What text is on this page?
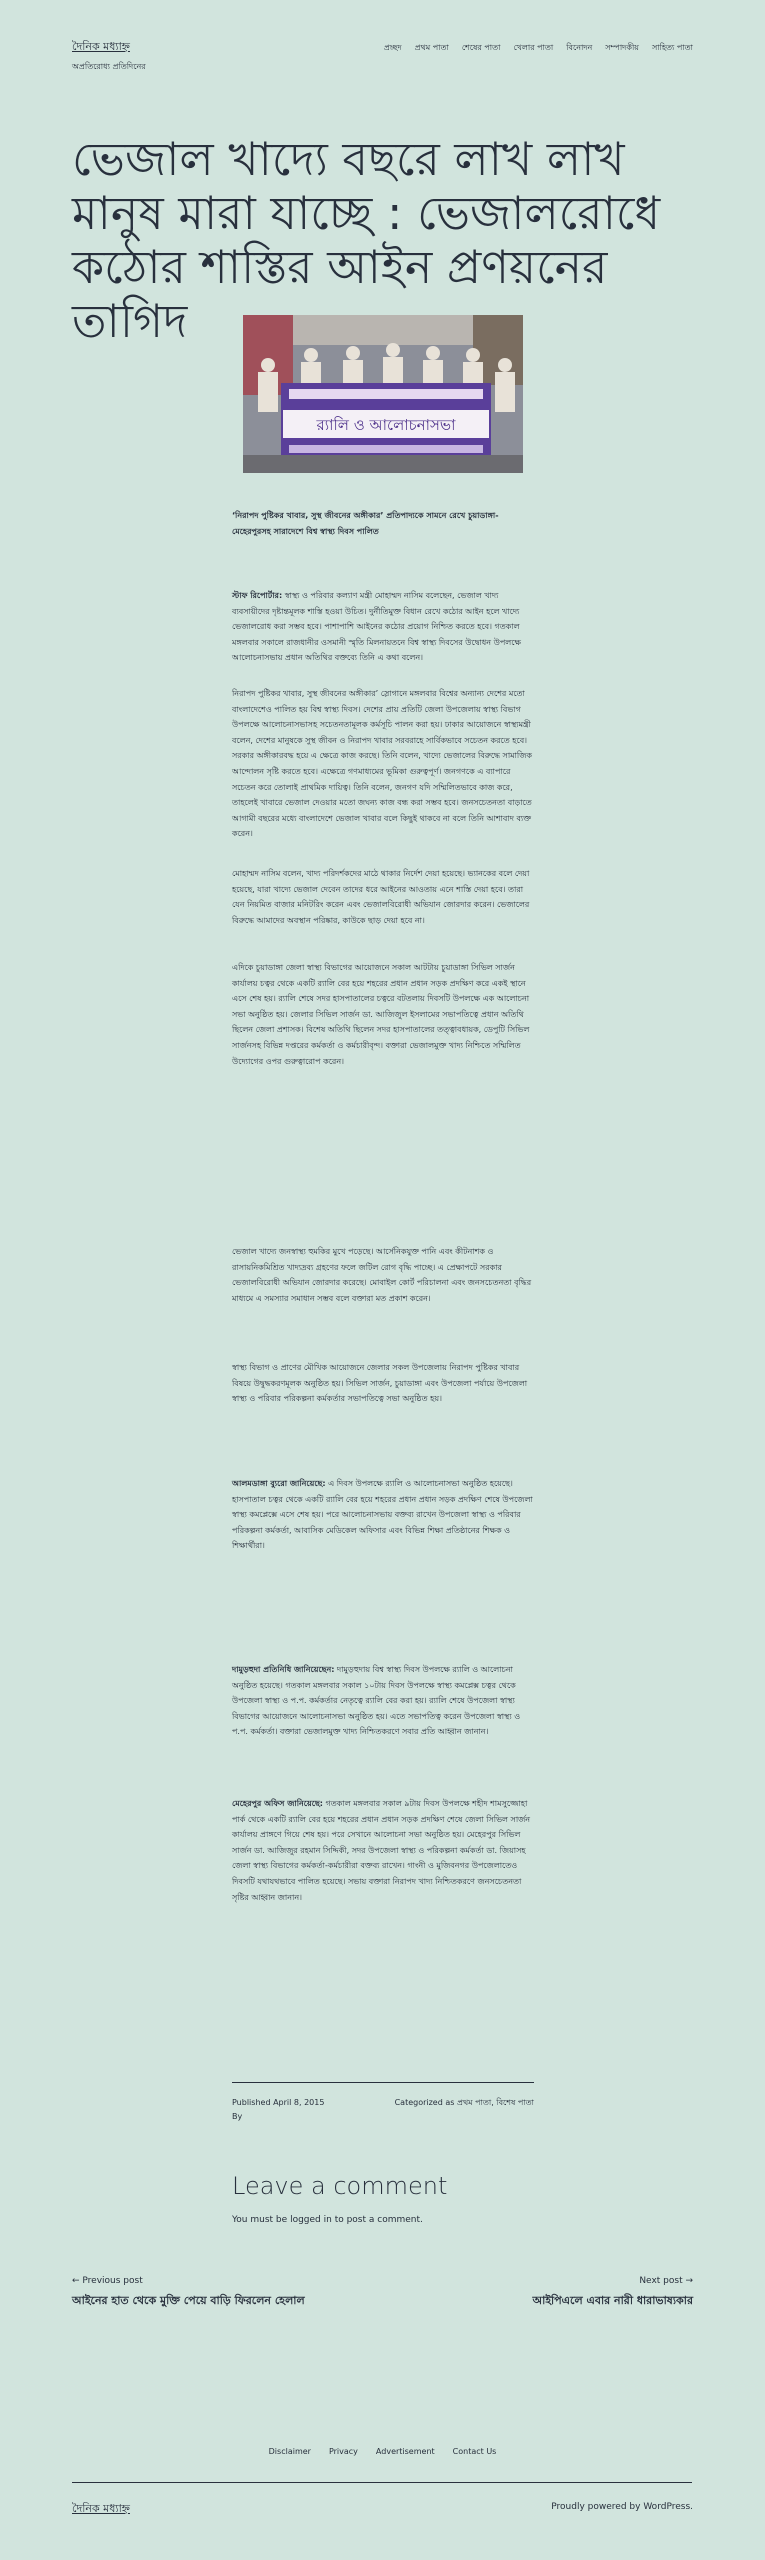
দৈনিক মধ্যাহ্ন
অপ্রতিরোধ্য প্রতিদিনের
প্রচ্ছদ প্রথম পাতা শেষের পাতা খেলার পাতা বিনোদন সম্পাদকীয় সাহিত্য পাতা
ভেজাল খাদ্যে বছরে লাখ লাখ মানুষ মারা যাচ্ছে : ভেজালরোধে কঠোর শাস্তির আইন প্রণয়নের তাগিদ
র‌্যালি ও আলোচনাসভা

‘নিরাপদ পুষ্টিকর খাবার, সুস্থ জীবনের অঙ্গীকার’ প্রতিপাদ্যকে সামনে রেখে চুয়াডাঙ্গা-মেহেরপুরসহ সারাদেশে বিশ্ব স্বাস্থ্য দিবস পালিত

স্টাফ রিপোর্টার: স্বাস্থ্য ও পরিবার কল্যাণ মন্ত্রী মোহাম্মদ নাসিম বলেছেন, ভেজাল খাদ্য ব্যবসায়ীদের দৃষ্টান্তমূলক শাস্তি হওয়া উচিত। দুর্নীতিমুক্ত বিধান রেখে কঠোর আইন হলে খাদ্যে ভেজালরোধ করা সম্ভব হবে। পাশাপাশি আইনের কঠোর প্রয়োগ নিশ্চিত করতে হবে। গতকাল মঙ্গলবার সকালে রাজধানীর ওসমানী স্মৃতি মিলনায়তনে বিশ্ব স্বাস্থ্য দিবসের উদ্বোধন উপলক্ষে আলোচনাসভায় প্রধান অতিথির বক্তব্যে তিনি এ কথা বলেন।

নিরাপদ পুষ্টিকর খাবার, সুস্থ জীবনের অঙ্গীকার’ স্লোগানে মঙ্গলবার বিশ্বের অন্যান্য দেশের মতো বাংলাদেশেও পালিত হয় বিশ্ব স্বাস্থ্য দিবস। দেশের প্রায় প্রতিটি জেলা উপজেলায় স্বাস্থ্য বিভাগ উপলক্ষে আলোচনাসভাসহ সচেতনতামূলক কর্মসূচি পালন করা হয়। ঢাকার আয়োজনে স্বাস্থ্যমন্ত্রী বলেন, দেশের মানুষকে সুস্থ জীবন ও নিরাপদ খাবার সরবরাহে সার্বিকভাবে সচেতন করতে হবে। সরকার অঙ্গীকারবদ্ধ হয়ে এ ক্ষেত্রে কাজ করছে। তিনি বলেন, খাদ্যে ভেজালের বিরুদ্ধে সামাজিক আন্দোলন সৃষ্টি করতে হবে। এক্ষেত্রে গণমাধ্যমের ভূমিকা গুরুত্বপূর্ণ। জনগণকে এ ব্যাপারে সচেতন করে তোলাই প্রাথমিক দায়িত্ব। তিনি বলেন, জনগণ যদি সম্মিলিতভাবে কাজ করে, তাহলেই খাবারে ভেজাল দেওয়ার মতো জঘন্য কাজ বন্ধ করা সম্ভব হবে। জনসচেতনতা বাড়াতে আগামী বছরের মধ্যে বাংলাদেশে ভেজাল খাবার বলে কিছুই থাকবে না বলে তিনি আশাবাদ ব্যক্ত করেন।

মোহাম্মদ নাসিম বলেন, খাদ্য পরিদর্শকদের মাঠে থাকার নির্দেশ দেয়া হয়েছে। ভ্যানকের বলে দেয়া হয়েছে, যারা খাদ্যে ভেজাল দেবেন তাদের ধরে আইনের আওতায় এনে শাস্তি দেয়া হবে। তারা যেন নিয়মিত বাজার মনিটরিং করেন এবং ভেজালবিরোধী অভিযান জোরদার করেন। ভেজালের বিরুদ্ধে আমাদের অবস্থান পরিষ্কার, কাউকে ছাড় দেয়া হবে না।

এদিকে চুয়াডাঙ্গা জেলা স্বাস্থ্য বিভাগের আয়োজনে সকাল আটটায় চুয়াডাঙ্গা সিভিল সার্জন কার্যালয় চত্বর থেকে একটি র‌্যালি বের হয়ে শহরের প্রধান প্রধান সড়ক প্রদক্ষিণ করে একই স্থানে এসে শেষ হয়। র‌্যালি শেষে সদর হাসপাতালের চত্বরে বটতলায় দিবসটি উপলক্ষে এক আলোচনা সভা অনুষ্ঠিত হয়। জেলার সিভিল সার্জন ডা. আজিজুল ইসলামের সভাপতিত্বে প্রধান অতিথি ছিলেন জেলা প্রশাসক। বিশেষ অতিথি ছিলেন সদর হাসপাতালের তত্ত্বাবধায়ক, ডেপুটি সিভিল সার্জনসহ বিভিন্ন দপ্তরের কর্মকর্তা ও কর্মচারীবৃন্দ। বক্তারা ভেজালমুক্ত খাদ্য নিশ্চিতে সম্মিলিত উদ্যোগের ওপর গুরুত্বারোপ করেন।

ভেজাল খাদ্যে জনস্বাস্থ্য হুমকির মুখে পড়েছে। আর্সেনিকযুক্ত পানি এবং কীটনাশক ও রাসায়নিকমিশ্রিত খাদ্যদ্রব্য গ্রহণের ফলে জটিল রোগ বৃদ্ধি পাচ্ছে। এ প্রেক্ষাপটে সরকার ভেজালবিরোধী অভিযান জোরদার করেছে। মোবাইল কোর্ট পরিচালনা এবং জনসচেতনতা বৃদ্ধির মাধ্যমে এ সমস্যার সমাধান সম্ভব বলে বক্তারা মত প্রকাশ করেন।

স্বাস্থ্য বিভাগ ও প্রাণের মৌখিক আয়োজনে জেলার সকল উপজেলায় নিরাপদ পুষ্টিকর খাবার বিষয়ে উদ্বুদ্ধকরণমূলক অনুষ্ঠিত হয়। সিভিল সার্জন, চুয়াডাঙ্গা এবং উপজেলা পর্যায়ে উপজেলা স্বাস্থ্য ও পরিবার পরিকল্পনা কর্মকর্তার সভাপতিত্বে সভা অনুষ্ঠিত হয়।

আলমডাঙ্গা ব্যুরো জানিয়েছে: এ দিবস উপলক্ষে র‌্যালি ও আলোচনাসভা অনুষ্ঠিত হয়েছে। হাসপাতাল চত্বর থেকে একটি র‌্যালি বের হয়ে শহরের প্রধান প্রধান সড়ক প্রদক্ষিণ শেষে উপজেলা স্বাস্থ্য কমপ্লেক্সে এসে শেষ হয়। পরে আলোচনাসভায় বক্তব্য রাখেন উপজেলা স্বাস্থ্য ও পরিবার পরিকল্পনা কর্মকর্তা, আবাসিক মেডিকেল অফিসার এবং বিভিন্ন শিক্ষা প্রতিষ্ঠানের শিক্ষক ও শিক্ষার্থীরা।

দামুড়হুদা প্রতিনিধি জানিয়েছেন: দামুড়হুদায় বিশ্ব স্বাস্থ্য দিবস উপলক্ষে র‌্যালি ও আলোচনা অনুষ্ঠিত হয়েছে। গতকাল মঙ্গলবার সকাল ১০টায় দিবস উপলক্ষে স্বাস্থ্য কমপ্লেক্স চত্বর থেকে উপজেলা স্বাস্থ্য ও প.প. কর্মকর্তার নেতৃত্বে র‌্যালি বের করা হয়। র‌্যালি শেষে উপজেলা স্বাস্থ্য বিভাগের আয়োজনে আলোচনাসভা অনুষ্ঠিত হয়। এতে সভাপতিত্ব করেন উপজেলা স্বাস্থ্য ও প.প. কর্মকর্তা। বক্তারা ভেজালমুক্ত খাদ্য নিশ্চিতকরণে সবার প্রতি আহ্বান জানান।

মেহেরপুর অফিস জানিয়েছে: গতকাল মঙ্গলবার সকাল ৯টায় দিবস উপলক্ষে শহীদ শামসুজ্জোহা পার্ক থেকে একটি র‌্যালি বের হয়ে শহরের প্রধান প্রধান সড়ক প্রদক্ষিণ শেষে জেলা সিভিল সার্জন কার্যালয় প্রাঙ্গণে গিয়ে শেষ হয়। পরে সেখানে আলোচনা সভা অনুষ্ঠিত হয়। মেহেরপুর সিভিল সার্জন ডা. আজিজুর রহমান সিদ্দিকী, সদর উপজেলা স্বাস্থ্য ও পরিকল্পনা কর্মকর্তা ডা. জিয়াসহ জেলা স্বাস্থ্য বিভাগের কর্মকর্তা-কর্মচারীরা বক্তব্য রাখেন। গাংনী ও মুজিবনগর উপজেলাতেও দিবসটি যথাযথভাবে পালিত হয়েছে। সভায় বক্তারা নিরাপদ খাদ্য নিশ্চিতকরণে জনসচেতনতা সৃষ্টির আহ্বান জানান।

Published April 8, 2015
By
Categorized as প্রথম পাতা, বিশেষ পাতা
Leave a comment

You must be logged in to post a comment.

← Previous post
আইনের হাত থেকে মুক্তি পেয়ে বাড়ি ফিরলেন হেলাল
Next post →
আইপিএলে এবার নারী ধারাভাষ্যকার
Disclaimer Privacy Advertisement Contact Us
দৈনিক মধ্যাহ্ন	Proudly powered by WordPress.
